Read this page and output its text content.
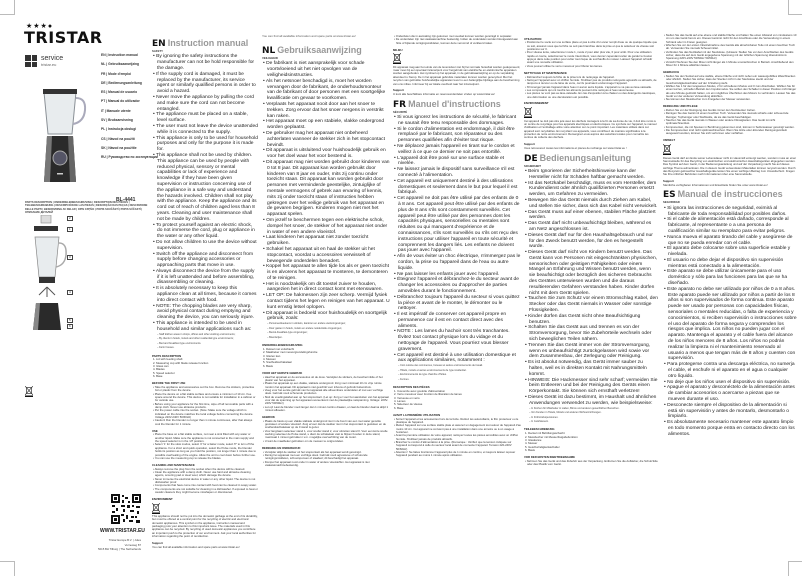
★★★●
TRISTAR
service
tristar.eu
EN | Instruction manual
NL | Gebruiksaanwijzing
FR | Mode d'emploi
DE | Bedienungsanleitung
ES | Manual de usuario
PT | Manual do utilizador
IT | Manuale utente
SV | Bruksanvisning
PL | Instrukcja obsługi
CS | Návod na použití
SK | Návod na použitie
RU | Руководство по эксплуатации
BL-4441
PARTS DESCRIPTION | ONDERDELENBESCHRIJVING | DESCRIPTION DES PIÈCES | TEILEBESCHREIBUNG | DESCRIPCIÓN DE LAS PIEZAS | DESCRIÇÃO DAS PEÇAS | DESCRIZIONE DELLE PARTI | BESKRIVNING AV DELAR | OPIS CZĘŚCI | POPIS SOUČÁSTÍ | POPIS SÚČASTÍ | ОПИСАНИЕ ДЕТАЛЕЙ
2
1
3
4
5
6
WWW.TRISTAR.EU
Tristar Europe B.V. | Jules Verneweg 87
5015 BH Tilburg | The Netherlands
EN Instruction manual
SAFETY
• By ignoring the safety instructions the manufacturer can not be hold responsible for the damage.
• If the supply cord is damaged, it must be replaced by the manufacturer, its service agent or similarly qualified persons in order to avoid a hazard.
• Never move the appliance by pulling the cord and make sure the cord can not become entangled.
• The appliance must be placed on a stable, level surface.
• The user must not leave the device unattended while it is connected to the supply.
• This appliance is only to be used for household purposes and only for the purpose it is made for.
• This appliance shall not be used by children. This appliance can be used by people with reduced physical, sensory or mental capabilities or lack of experience and knowledge if they have been given supervision or instruction concerning use of the appliance in a safe way and understand the hazards involved. Children shall not play with the appliance. Keep the appliance and its cord out of reach of children aged less than 8 years. Cleaning and user maintenance shall not be made by children.
• To protect yourself against an electric shock, do not immerse the cord, plug or appliance in the water or any other liquid.
• Do not allow children to use the device without supervision.
• Switch off the appliance and disconnect from supply before changing accessories or approaching parts that move in use.
• Always disconnect the device from the supply if it is left unattended and before assembling, disassembling or cleaning.
• It is absolutely necessary to keep this appliance clean at all times, because it comes into direct contact with food.
• NOTE: The chopping blades are very sharp, avoid physical contact during emptying and cleaning the device, you can seriously injure.
• This appliance is intended to be used in household and similar applications such as:
– Staff kitchen areas in shops, offices and other working environments;
– By clients in hotels, motels and other residential type environments;
– Bed and breakfast type environments.
– Farm houses.
PARTS DESCRIPTION
1. Lid with feeding shaft
2. Measuring cup with blade release function
3. Glass can
4. Blades
5. Speed selector
6. Base
BEFORE THE FIRST USE
• Take the appliance and accessories out the box. Remove the stickers, protective foil or plastic from the device.
• Place the device on a flat stable surface and ensure a minimum of 10 cm. free space around the device. This device is not suitable for installation in a cabinet or for outside use.
• Before using your appliance for the first time, wipe off all removable parts with a damp cloth. Never use abrasive products.
• Put the power cable into the socket. (Note: Make sure the voltage which is indicated on the device matches the local voltage before connecting the device. Voltage 220V-240V 50/60Hz)
• Caution! Run the blender no longer than 1 minute continuous, after that always cool the blender for 1 minute.
USE
• Place the base on a flat stable surface, not near a sink filled with any water or another liquid. Make sure the appliance is not connected to the main supply and the speed selector is in the 'off' position.
• Select '1' for the slow modus, select '2' for a faster mode, select 'P' to turn off the appliance. For a short and quick operation, select the Pulse mode, the blender holds its position as long as you hold the position, not longer than 1 minute due to possible overheating of the engine. Allow the unit to cool down before further use.
• You can use the measuring cup to release the blades.
CLEANING AND MAINTENANCE
• Always remove the plug from the socket when the device will be cleaned.
• Clean the appliance with a damp cloth. Never use hard and abrasive cleaning agents, scouring pad or steel wool, which damage the device.
• Never immerse the electrical device in water or any other liquid. The device is not dishwasher proof.
• Components that have come into contact with food can be cleaned in soapy water.
• The components are not suitable for cleaning in a dishwasher. If exposed to heat or caustic cleaners they might become misshapen or discoloured.
ENVIRONMENT
This appliance should not be put into the domestic garbage at the end of its durability, but must be offered at a central point for the recycling of electric and electronic domestic appliances. This symbol on the appliance, instruction manual and packaging puts your attention to this important issue. The materials used in this appliance can be recycled. By recycling of used domestic appliances you contribute an important push to the protection of our environment. Ask your local authorities for information regarding the point of recollection.
Support
You can find all available information and spare parts at www.tristar.eu!
You can find all available information and spare parts at www.tristar.eu!
NL Gebruiksaanwijzing
VEILIGHEID
• De fabrikant is niet aansprakelijk voor schade voortvloeiend uit het niet opvolgen van de veiligheidsinstructies.
• Als het netsnoer beschadigd is, moet het worden vervangen door de fabrikant, de onderhoudsmonteur van de fabrikant of door personen met een soortgelijke kwalificatie om gevaar te voorkomen.
• Verplaats het apparaat nooit door aan het snoer te trekken. Zorg ervoor dat het snoer nergens in verstrikt kan raken.
• Het apparaat moet op een stabiele, vlakke ondergrond worden geplaatst.
• De gebruiker mag het apparaat niet onbeheerd achterlaten wanneer de stekker zich in het stopcontact bevindt.
• Dit apparaat is uitsluitend voor huishoudelijk gebruik en voor het doel waar het voor bestemd is.
• Dit apparaat mag niet worden gebruikt door kinderen van 0 tot 8 jaar. Dit apparaat kan worden gebruikt door kinderen van 8 jaar en ouder, mits zij continu onder toezicht staan. Dit apparaat kan worden gebruikt door personen met verminderde geestelijke, zintuiglijke of mentale vermogens of gebrek aan ervaring of kennis, mits zij onder toezicht staan of instructies hebben gekregen over het veilige gebruik van het apparaat en de gevaren begrijpen. Kinderen mogen niet met het apparaat spelen.
• Om jezelf te beschermen tegen een elektrische schok, dompel het snoer, de stekker of het apparaat niet onder in water of een andere vloeistof.
• Laat kinderen het apparaat niet zonder toezicht gebruiken.
• Schakel het apparaat uit en haal de stekker uit het stopcontact, voordat u accessoires verwisselt of bewegende onderdelen benadert.
• Koppel het apparaat te allen tijde los als er geen toezicht is en alvorens het apparaat te monteren, te demonteren of te reinigen.
• Het is noodzakelijk om dit toestel zuiver te houden, aangezien het in direct contact komt met etenswaren.
• LET OP: De hakmessen zijn zeer scherp. Vermijd fysiek contact tijdens het legen en reinigen van het apparaat. U kunt ernstig letsel oplopen.
• Dit apparaat is bedoeld voor huishoudelijk en soortgelijk gebruik, zoals:
– Personeelskeukens in winkels, kantoren en andere werkomgevingen;
– Door gasten in hotels, motels en andere residentiële omgevingen;
– Bed-&-breakfast-type omgevingen;
– Boerderijen.
ONDERDELENBESCHRIJVING
1. Deksel met vulschacht
2. Maatbeker met mesvergrendelingsfunctie
3. Glazen kan
4. Messen
5. Snelheidsschakelaar
6. Basis
VOOR HET EERSTE GEBRUIK
• Haal het apparaat en de accessoires uit de doos. Verwijder de stickers, de beschermfolie of het plastic van het apparaat.
• Plaats het apparaat op een vlakke, stabiele ondergrond. Zorg voor minimaal 10 cm vrije ruimte rondom het apparaat. Dit apparaat is niet geschikt voor inbouw of gebruik buitenshuis.
• Veeg voor het eerste gebruik van het apparaat alle afneembare onderdelen af met een vochtige doek. Gebruik nooit schurende producten.
• Sluit de voedingskabel aan op het stopcontact. (Let op: Zorg er voor het aansluiten van het apparaat voor dat de spanning op het apparaat overeenkomt met de plaatselijke netspanning. Voltage: 220V-240V 50/60Hz)
• Let op! Laat de blender nooit langer dan 1 minuut continu draaien, en laat de blender daarna altijd 1 minuut afkoelen.
GEBRUIK
• Plaats de basis op een vlakke stabiele ondergrond niet in de buurt van een met water gevulde gootsteen of andere vloeistof. Zorg ervoor dat de stekker niet in het stopcontact is gestoken en de snelheidsschakelaar op de 0 stand is gezet.
• Voor langzaam selecteer stand 1, voor sneller stand 2, voor uitzetten stand 0. Voor een korte snelle werking selecteer de Pulse stand, u dient de schakelaar vast te blijven houden in deze stand, maximaal 1 minuut gebruiken i.v.m. mogelijke oververhitting van de motor.
• U kunt de maatbeker gebruiken om de messen te ontgrendelen.
REINIGING EN ONDERHOUD
• Verwijder altijd de stekker uit het stopcontact als het apparaat wordt gereinigd.
• Reinig het apparaat met een vochtige doek. Gebruik nooit agressieve of schurende reinigingsmiddelen, schuursponsen of staalwol; dit beschadigt het apparaat.
• Dompel het apparaat nooit onder in water of andere vloeistoffen. Het apparaat is niet vaatwasmachinebestendig.
• Onderdelen die in aanraking zijn gekomen met voedsel kunnen worden gereinigd in sopwater.
• De onderdelen zijn niet vaatwasmachine bestendig. Indien de onderdelen worden blootgesteld aan hitte of bijtende reinigingsmiddelen, kunnen deze vervormd of verkleurd raken.
MILIEU
Dit apparaat mag aan het einde van de levensduur niet bij het normale huisafval worden gedeponeerd, maar moet bij een speciaal inzamelpunt voor hergebruik van elektrische en elektronische apparaten worden aangeboden. Het symbool op het apparaat, in de gebruiksaanwijzing en op de verpakking attendeert u hierop. De in het apparaat gebruikte materialen kunnen worden gerecycled. Met het recyclen van gebruikte huishoudelijke apparaten levert u een belangrijke bijdrage aan de bescherming van ons milieu. Informeer bij uw lokale overheid naar het inzamelpunt.
Support
U kunt alle beschikbare informatie en reserveonderdelen vinden op www.tristar.eu!
FR Manuel d'instructions
SÉCURITÉ
• Si vous ignorez les instructions de sécurité, le fabricant ne saurait être tenu responsable des dommages.
• Si le cordon d'alimentation est endommagé, il doit être remplacé par le fabricant, son réparateur ou des personnes qualifiées afin d'éviter tout risque.
• Ne déplacez jamais l'appareil en tirant sur le cordon et veillez à ce que ce dernier ne soit pas entortillé.
• L'appareil doit être posé sur une surface stable et nivelée.
• Ne laissez jamais le dispositif sans surveillance s'il est connecté à l'alimentation.
• Cet appareil est uniquement destiné à des utilisations domestiques et seulement dans le but pour lequel il est fabriqué.
• Cet appareil ne doit pas être utilisé par des enfants de 0 à 8 ans. Cet appareil peut être utilisé par des enfants de plus de 8 ans s'ils sont constamment surveillés. Cet appareil peut être utilisé par des personnes dont les capacités physiques, sensorielles ou mentales sont réduites ou qui manquent d'expérience et de connaissances, s'ils sont surveillés ou s'ils ont reçu des instructions pour utiliser l'appareil en toute sécurité et comprennent les dangers liés. Les enfants ne doivent pas jouer avec l'appareil.
• Afin de vous éviter un choc électrique, n'immergez pas le cordon, la prise ou l'appareil dans de l'eau ou autre liquide.
• Ne pas laisser les enfants jouer avec l'appareil.
• Éteignez l'appareil et débranchez-le du secteur avant de changer les accessoires ou d'approcher de parties amovibles durant le fonctionnement.
• Débranchez toujours l'appareil du secteur si vous quittez la pièce et avant de le monter, le démonter ou le nettoyer.
• Il est impératif de conserver cet appareil propre en permanence car il est en contact direct avec des aliments.
• NOTE : Les lames du hachoir sont très tranchantes. Évitez tout contact physique lors du vidage et du nettoyage de l'appareil. Vous pourriez vous blesser gravement.
• Cet appareil est destiné à une utilisation domestique et aux applications similaires, notamment :
– Coin cuisine des commerces, bureaux et autres environnements de travail.
– Hôtels, motels et autres environnements de type résidentiel.
– Environnements de type chambre d'hôtes.
– Fermes.
DESCRIPTION DES PIÈCES
1. Couvercle avec goulotte d'alimentation
2. Verre mesureur avec fonction de libération de lames
3. Verseuse en verre
4. Lames
5. Sélecteur de vitesse
6. Base
AVANT LA PREMIÈRE UTILISATION
• Sortez l'appareil et les accessoires hors de la boîte. Retirez les autocollants, le film protecteur ou le plastique de l'appareil.
• Mettez l'appareil sur une surface stable plate et assurez un dégagement tout autour de l'appareil d'au moins 10 cm. Cet appareil ne convient pas à une installation dans une armoire ou à un usage à l'extérieur.
• Avant la première utilisation de votre appareil, nettoyez toutes les pièces amovibles avec un chiffon humide. N'utilisez jamais de produits abrasifs.
• Branchez le cordon d'alimentation à la prise. (Remarque : Vérifiez que la tension indiquée sur l'appareil correspond à celle du secteur local avant de connecter l'appareil. Tension 220-240V 50/60Hz)
• Attention ! Ne faites fonctionner l'appareil plus de 1 minute en continu, et toujours laisser reposer l'appareil pendant au moins 1 minute après utilisation.
UTILISATION
• Positionner le socle sur une surface plane et pas à côté d'un évier rempli d'eau ou de quelque liquide que ce soit, assurez-vous que la fiche ne soit pas branchée dans la prise et que le sélecteur de vitesse soit positionné sur 0.
• Pour vitesse lente, sélectionner mode 1, mode 2 pour aller plus vite, 0 pour arrêt. Pour une utilisation rapide et courte, sélectionnez le mode Intermittent, vous devrez cependant éviter de garder le bouton appuyé dans cette position pour éviter tout risque de surchauffe du moteur. Laissez l'appareil refroidir avant une nouvelle utilisation.
• Vous pouvez utiliser le verre mesureur pour libérer les lames.
NETTOYAGE ET MAINTENANCE
• Débranchez toujours la fiche de la prise lors du nettoyage de l'appareil.
• Nettoyez l'appareil avec un chiffon humide. N'utilisez pas de produits nettoyants agressifs ou abrasifs, de tampons à récurer ou de laine de verre, car ils pourraient endommager l'appareil.
• N'immergez jamais l'appareil dans l'eau ni aucun autre liquide. L'appareil ne va pas au lave-vaisselle.
• Les composants qui ont touché les aliments peuvent être nettoyés à l'eau savonneuse.
• Les pièces ne vont pas au lave-vaisselle. En cas d'exposition à la chaleur ou des détergents caustiques, une déformation ou une décoloration est possible.
ENVIRONNEMENT
Cet appareil ne doit pas être jeté avec les déchets ménagers à la fin de sa durée de vie, il doit être remis à un centre de recyclage pour les appareils électriques et électroniques. Ce symbole sur l'appareil, le manuel d'utilisation et l'emballage attire votre attention sur ce point important. Les matériaux utilisés dans cet appareil sont recyclables. En recyclant vos appareils, vous contribuez de manière significative à la protection de notre environnement. Renseignez-vous auprès des autorités locales pour connaître les centres de collecte des déchets.
Support
Vous retrouverez toutes les informations et pièces de rechange sur www.tristar.eu !
DE Bedienungsanleitung
SICHERHEIT
• Beim Ignorieren der Sicherheitshinweise kann der Hersteller nicht für Schäden haftbar gemacht werden.
• Ist das Netzkabel beschädigt, muss es vom Hersteller, dem Kundendienst oder ähnlich qualifizierten Personen ersetzt werden, um Gefahren zu vermeiden.
• Bewegen Sie das Gerät niemals durch Ziehen am Kabel, und stellen Sie sicher, dass sich das Kabel nicht verwickelt.
• Das Gerät muss auf einer ebenen, stabilen Fläche platziert werden.
• Das Gerät darf nicht unbeaufsichtigt bleiben, während es am Netz angeschlossen ist.
• Dieses Gerät darf nur für den Haushaltsgebrauch und nur für den Zweck benutzt werden, für den es hergestellt wurde.
• Dieses Gerät darf nicht von Kindern benutzt werden. Das Gerät kann von Personen mit eingeschränkten physischen, sensorischen oder geistigen Fähigkeiten oder einem Mangel an Erfahrung und Wissen benutzt werden, wenn sie beaufsichtigt oder bezüglich des sicheren Gebrauchs des Gerätes unterwiesen wurden und die daraus resultierenden Gefahren verstanden haben. Kinder dürfen nicht mit dem Gerät spielen.
• Tauchen Sie zum Schutz vor einem Stromschlag Kabel, den Stecker oder das Gerät niemals in Wasser oder sonstige Flüssigkeiten.
• Kinder dürfen das Gerät nicht ohne Beaufsichtigung benutzen.
• Schalten Sie das Gerät aus und trennen es von der Stromversorgung, bevor Sie Zubehörteile wechseln oder sich beweglichen Teilen nähern.
• Trennen Sie das Gerät immer von der Stromversorgung, wenn es unbeaufsichtigt zurückgelassen wird sowie vor dem Zusammenbau, der Zerlegung oder Reinigung.
• Es ist absolut notwendig, das Gerät immer sauber zu halten, weil es in direkten Kontakt mit Nahrungsmitteln kommt.
• HINWEIS: Die Hackmesser sind sehr scharf; vermeiden Sie beim Entleeren und bei der Reinigung des Geräts einen Körperkontakt. Sie können sich ernsthaft verletzen!
• Dieses Gerät ist dazu bestimmt, im Haushalt und ähnlichen Anwendungen verwendet zu werden, wie beispielsweise:
– In Küchen für Mitarbeiter in Läden, Büros und anderen gewerblichen Bereichen.
– Von Kunden in Hotels, Motels und anderen Wohneinrichtungen.
– In Frühstückspensionen.
– In Gutshäusern.
TEILEBESCHREIBUNG
1. Deckel mit Befüllungsschacht
2. Messbecher mit Messerfreigabefunktion
3. Glaskanne
4. Messer
5. Geschwindigkeitsschalter
6. Basis
VOR DER ERSTEN INBETRIEBNAHME
• Nehmen Sie das Gerät und das Zubehör aus der Verpackung. Entfernen Sie die Aufkleber, die Schutzfolie oder das Plastik vom Gerät.
• Stellen Sie das Gerät auf eine ebene und stabile Fläche und halten Sie einen Abstand von mindestens 10 cm um das Gerät herum ein. Dieses Gerät ist nicht für den Anschluss oder die Verwendung in einem Schrank oder im Freien geeignet.
• Wischen Sie vor der ersten Inbetriebnahme des Geräts alle abnehmbaren Teile mit einem feuchten Tuch ab. Verwenden Sie niemals Scheuermittel.
• Verbinden Sie das Netzkabel mit der Steckdose. (Hinweis: Stellen Sie vor dem Anschließen des Geräts sicher, dass die auf dem Gerät angegebene Spannung mit der örtlichen Spannung übereinstimmt. Spannung 220V-240V 50/60Hz 50/60Hz)
• Vorsicht! Nehmen Sie den Mixer nicht länger als 1 Minute ununterbrochen in Betrieb. Anschließend den Mixer für 1 Minute abkühlen lassen.
GEBRAUCH
• Stellen Sie den Sockel auf eine stabile, ebene Fläche und nicht neben ein wassergefülltes Waschbecken oder ähnlich. Stellen Sie sicher, dass der Stecker nicht in der Steckdose steckt und der Geschwindigkeitsschalter auf der 0-Stellung steht.
• Wählen Sie 1 für den langsamen Modus, 2 für schnelleren Modus und 0 zum Abschalten. Wählen Sie für einen kurzen, schnellen Betrieb den Impulsmodus. Sie sollten den Schalter in dieser Position nicht länger als eine Minute gedrückt halten, um ein mögliches Überhitzen des Motors zu verhindern. Lassen Sie das Gerät vor der weiteren Verwendung abkühlen.
• Sie können den Messbecher zum Freigeben der Messer verwenden.
REINIGUNG UND PFLEGE
• Ziehen Sie vor der Reinigung des Geräts immer den Netzstecker ziehen.
• Reinigen Sie das Gerät mit einem feuchten Tuch. Verwenden Sie niemals scharfe oder scheuernde Reiniger, Topfreiniger oder Stahlwolle, da sie das Gerät beschädigen.
• Tauchen Sie das Gerät niemals in Wasser oder andere Flüssigkeiten. Das Gerät ist nicht spülmaschinenfest.
• Komponenten, die mit Speisen in Berührung gekommen sind, können in Seifenwasser gereinigt werden.
• Die Komponenten sind nicht spülmaschinenfest. Wenn Sie Hitze oder ätzenden Reinigungsmitteln ausgesetzt werden, können Sie sich verformen oder verfärben.
UMWELT
Dieses Gerät darf am Ende seiner Lebensdauer nicht im Hausmüll entsorgt werden, sondern muss an einer Sammelstelle für das Recycling von elektrischen und elektronischen Haushaltsgeräten abgegeben werden. Das Symbol auf dem Gerät, in der Bedienungsanleitung und auf der Verpackung macht Sie auf dieses wichtige Thema aufmerksam. Die in diesem Gerät verwendeten Materialien können recycelt werden. Durch das Recyceln gebrauchter Haushaltsgeräte leisten Sie einen wichtigen Beitrag zum Umweltschutz. Fragen Sie Ihre örtlichen Behörden nach Informationen über eine Sammelstelle.
Support
Sämtliche verfügbaren Informationen und Ersatzteile finden Sie unter www.tristar.eu!
ES Manual de instrucciones
SEGURIDAD
• Si ignora las instrucciones de seguridad, eximirá al fabricante de toda responsabilidad por posibles daños.
• Si el cable de alimentación está dañado, corresponde al fabricante, al representante o a una persona de cualificación similar su reemplazo para evitar peligros.
• Nunca mueva el aparato tirando del cable y asegúrese de que no se pueda enredar con el cable.
• El aparato debe colocarse sobre una superficie estable y nivelada.
• El usuario no debe dejar el dispositivo sin supervisión mientras está conectado a la alimentación.
• Este aparato se debe utilizar únicamente para el uso doméstico y sólo para las funciones para las que se ha diseñado.
• Este aparato no debe ser utilizado por niños de 0 a 8 años. Este aparato puede ser utilizado por niños a partir de los 8 años si son supervisados de forma continua. Este aparato puede ser usado por personas con capacidades físicas, sensoriales o mentales reducidas, o falta de experiencia y conocimientos, si reciben supervisión o instrucciones sobre el uso del aparato de forma segura y comprenden los riesgos que implica. Los niños no pueden jugar con el aparato. Mantenga el aparato y el cable fuera del alcance de los niños menores de 8 años. Los niños no podrán realizar la limpieza ni el mantenimiento reservado al usuario a menos que tengan más de 8 años y cuenten con supervisión.
• Para protegerse contra una descarga eléctrica, no sumerja el cable, el enchufe ni el aparato en el agua o cualquier otro líquido.
• No deje que los niños usen el dispositivo sin supervisión.
• Apague el aparato y desconéctelo de la alimentación antes de cambiar accesorios o acercarse a piezas que se mueven durante el uso.
• Desconecte siempre el dispositivo de la alimentación si está sin supervisión y antes de montarlo, desmontarlo o limpiarlo.
• Es absolutamente necesario mantener este aparato limpio en todo momento porque entra en contacto directo con los alimentos.
